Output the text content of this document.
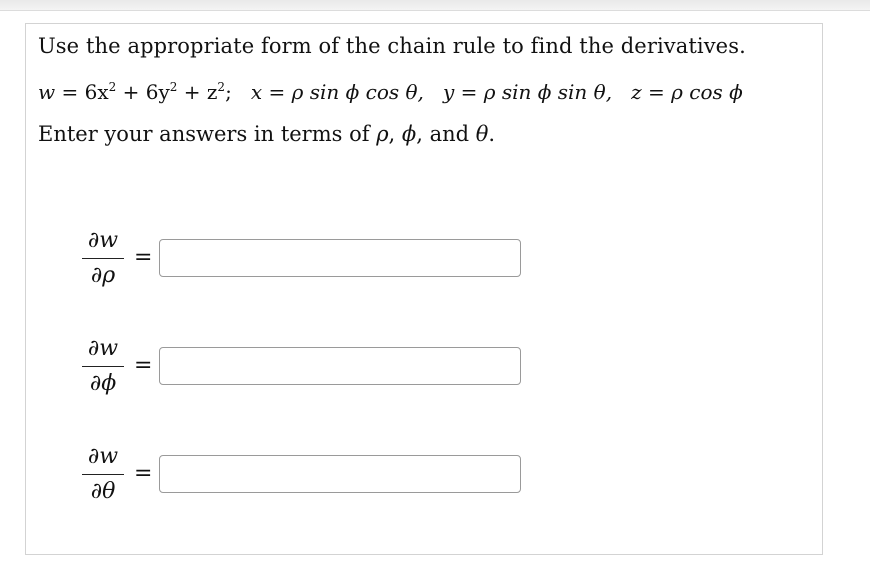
Use the appropriate form of the chain rule to find the derivatives.
$w = 6x^2 + 6y^2 + z^2$; x = ρ sin ϕ cos θ, y = ρ sin ϕ sin θ, z = ρ cos ϕ
Enter your answers in terms of ρ, ϕ, and θ.
∂w
∂ρ
=
∂w
∂ϕ
=
∂w
∂θ
=
